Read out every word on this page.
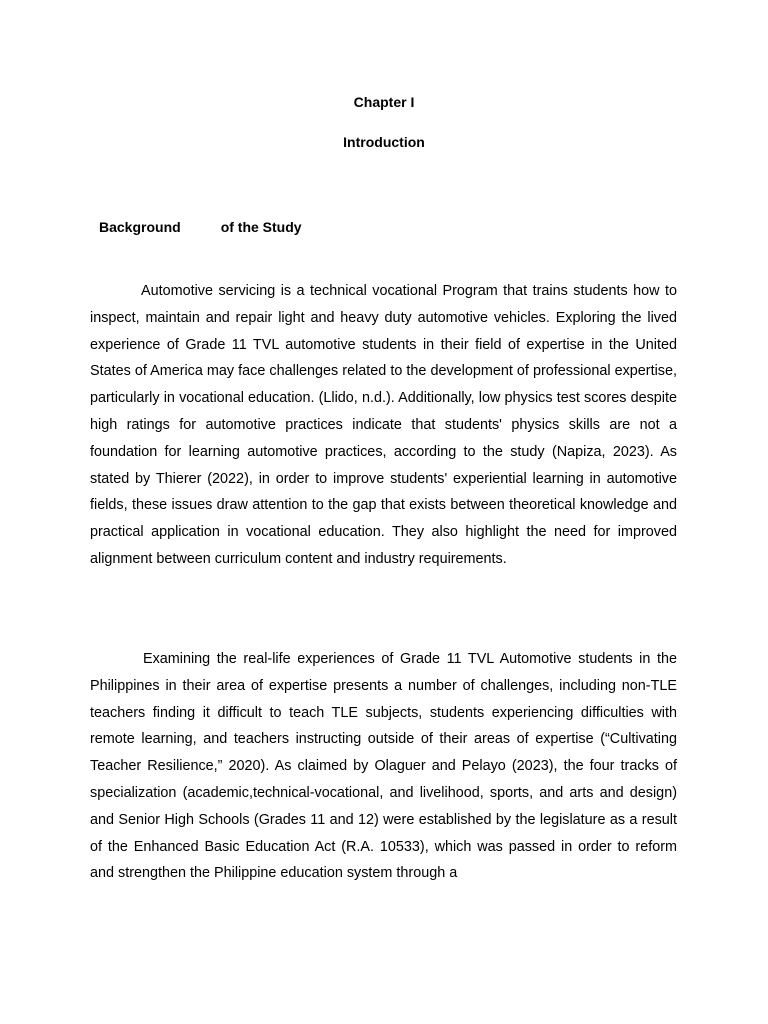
Chapter I
Introduction
Background	of the Study

Automotive servicing is a technical vocational Program that trains students how to inspect, maintain and repair light and heavy duty automotive vehicles. Exploring the lived experience of Grade 11 TVL automotive students in their field of expertise in the United States of America may face challenges related to the development of professional expertise, particularly in vocational education. (Llido, n.d.). Additionally, low physics test scores despite high ratings for automotive practices indicate that students' physics skills are not a foundation for learning automotive practices, according to the study (Napiza, 2023). As stated by Thierer (2022), in order to improve students' experiential learning in automotive fields, these issues draw attention to the gap that exists between theoretical knowledge and practical application in vocational education. They also highlight the need for improved alignment between curriculum content and industry requirements.

Examining the real-life experiences of Grade 11 TVL Automotive students in the Philippines in their area of expertise presents a number of challenges, including non-TLE teachers finding it difficult to teach TLE subjects, students experiencing difficulties with remote learning, and teachers instructing outside of their areas of expertise (“Cultivating Teacher Resilience,” 2020). As claimed by Olaguer and Pelayo (2023), the four tracks of specialization (academic,technical-vocational, and livelihood, sports, and arts and design) and Senior High Schools (Grades 11 and 12) were established by the legislature as a result of the Enhanced Basic Education Act (R.A. 10533), which was passed in order to reform and strengthen the Philippine education system through a
